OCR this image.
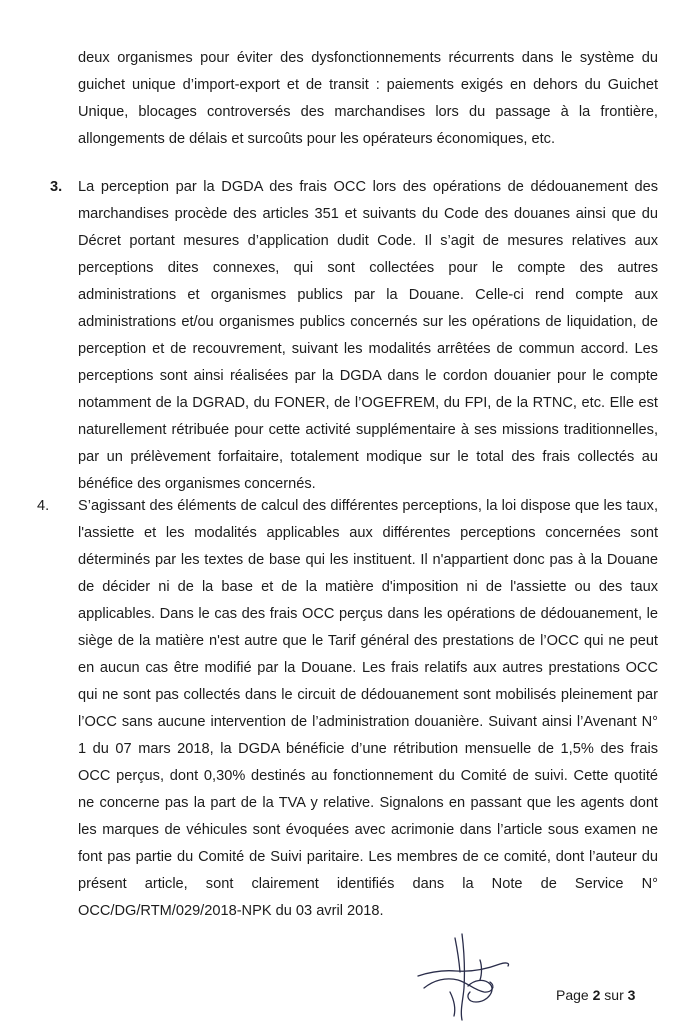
deux organismes pour éviter des dysfonctionnements récurrents dans le système du guichet unique d’import-export et de transit : paiements exigés en dehors du Guichet Unique, blocages controversés des marchandises lors du passage à la frontière, allongements de délais et surcoûts pour les opérateurs économiques, etc.
3. La perception par la DGDA des frais OCC lors des opérations de dédouanement des marchandises procède des articles 351 et suivants du Code des douanes ainsi que du Décret portant mesures d’application dudit Code. Il s’agit de mesures relatives aux perceptions dites connexes, qui sont collectées pour le compte des autres administrations et organismes publics par la Douane. Celle-ci rend compte aux administrations et/ou organismes publics concernés sur les opérations de liquidation, de perception et de recouvrement, suivant les modalités arrêtées de commun accord. Les perceptions sont ainsi réalisées par la DGDA dans le cordon douanier pour le compte notamment de la DGRAD, du FONER, de l’OGEFREM, du FPI, de la RTNC, etc. Elle est naturellement rétribuée pour cette activité supplémentaire à ses missions traditionnelles, par un prélèvement forfaitaire, totalement modique sur le total des frais collectés au bénéfice des organismes concernés.
4. S’agissant des éléments de calcul des différentes perceptions, la loi dispose que les taux, l'assiette et les modalités applicables aux différentes perceptions concernées sont déterminés par les textes de base qui les instituent. Il n'appartient donc pas à la Douane de décider ni de la base et de la matière d'imposition ni de l'assiette ou des taux applicables. Dans le cas des frais OCC perçus dans les opérations de dédouanement, le siège de la matière n'est autre que le Tarif général des prestations de l’OCC qui ne peut en aucun cas être modifié par la Douane. Les frais relatifs aux autres prestations OCC qui ne sont pas collectés dans le circuit de dédouanement sont mobilisés pleinement par l’OCC sans aucune intervention de l’administration douanière. Suivant ainsi l’Avenant N° 1 du 07 mars 2018, la DGDA bénéficie d’une rétribution mensuelle de 1,5% des frais OCC perçus, dont 0,30% destinés au fonctionnement du Comité de suivi. Cette quotité ne concerne pas la part de la TVA y relative. Signalons en passant que les agents dont les marques de véhicules sont évoquées avec acrimonie dans l’article sous examen ne font pas partie du Comité de Suivi paritaire. Les membres de ce comité, dont l’auteur du présent article, sont clairement identifiés dans la Note de Service N° OCC/DG/RTM/029/2018-NPK du 03 avril 2018.
Page 2 sur 3
